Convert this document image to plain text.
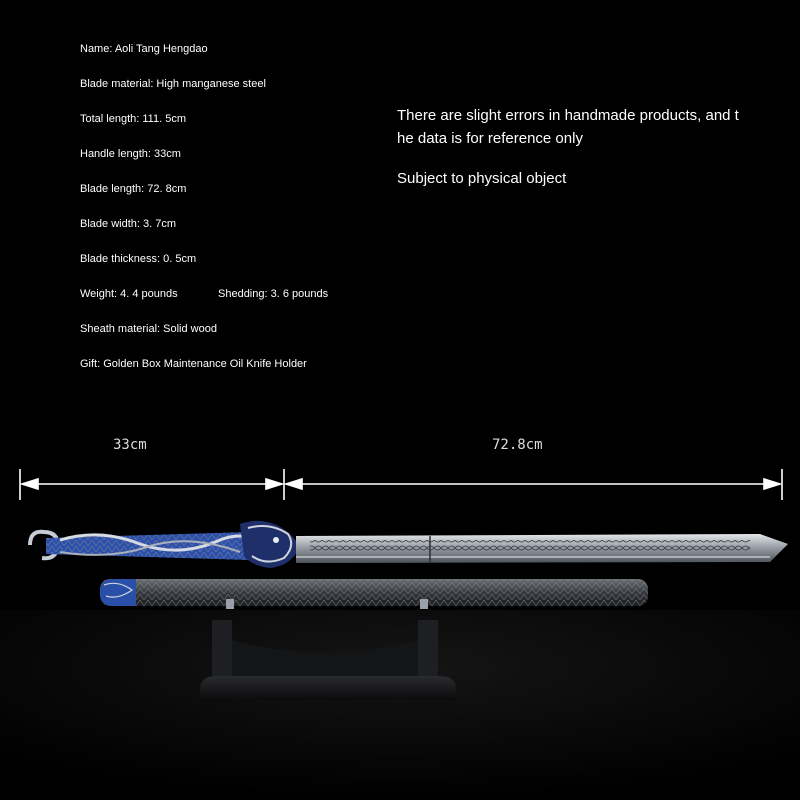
Name: Aoli Tang Hengdao
Blade material: High manganese steel
Total length: 111. 5cm
Handle length: 33cm
Blade length: 72. 8cm
Blade width: 3. 7cm
Blade thickness: 0. 5cm
Weight: 4. 4 pounds	Shedding: 3. 6 pounds
Sheath material: Solid wood
Gift: Golden Box Maintenance Oil Knife Holder
There are slight errors in handmade products, and t
he data is for reference only
Subject to physical object
33cm	72.8cm
